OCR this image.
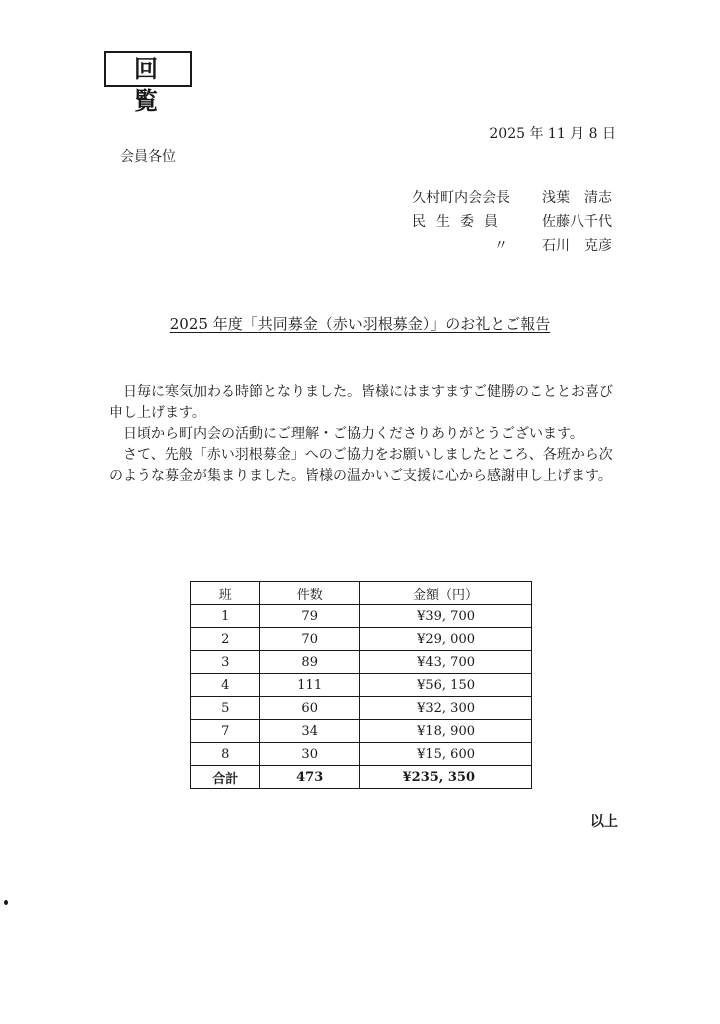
回覧
2025 年 11 月 8 日
会員各位
久村町内会会長	浅葉　清志
民生委員	佐藤八千代
〃	石川　克彦
2025 年度「共同募金（赤い羽根募金）」のお礼とご報告

日毎に寒気加わる時節となりました。皆様にはますますご健勝のこととお喜び申し上げます。

日頃から町内会の活動にご理解・ご協力くださりありがとうございます。

さて、先般「赤い羽根募金」へのご協力をお願いしましたところ、各班から次のような募金が集まりました。皆様の温かいご支援に心から感謝申し上げます。

班	件数	金額（円）
1	79	¥39, 700
2	70	¥29, 000
3	89	¥43, 700
4	111	¥56, 150
5	60	¥32, 300
7	34	¥18, 900
8	30	¥15, 600
合計	473	¥235, 350
以上
